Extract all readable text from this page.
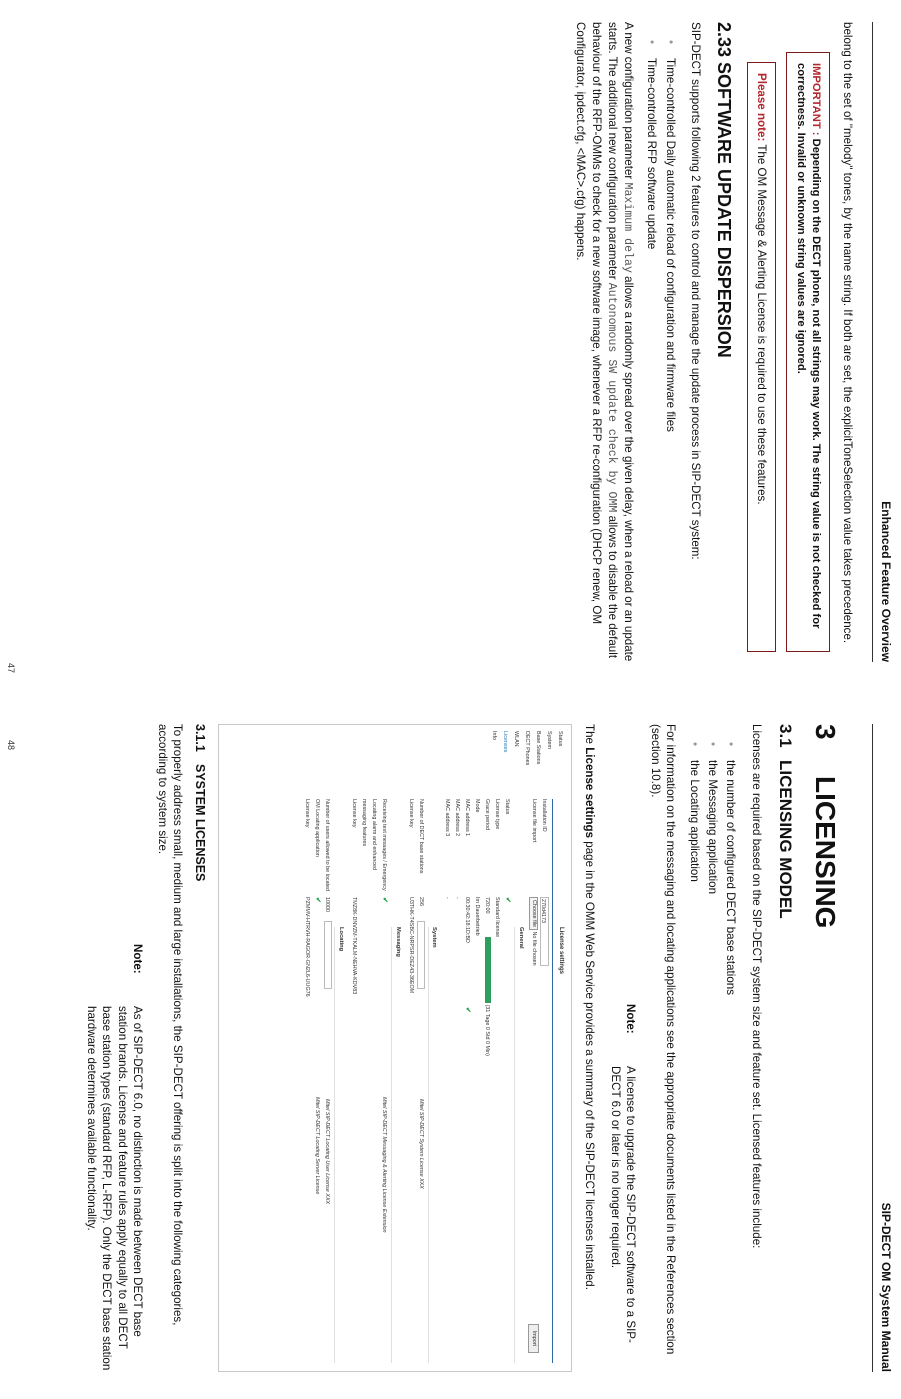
Enhanced Feature Overview

belong to the set of "melody" tones, by the name string. If both are set, the explicitToneSelection value takes precedence.

IMPORTANT : Depending on the DECT phone, not all strings may work. The string value is not checked for correctness. Invalid or unknown string values are ignored.
Please note: The OM Message & Alerting License is required to use these features.
2.33 SOFTWARE UPDATE DISPERSION

SIP-DECT supports following 2 features to control and manage the update process in SIP-DECT system:

• Time-controlled Daily automatic reload of configuration and firmware files
• Time-controlled RFP software update

A new configuration parameter Maximum delay allows a randomly spread over the given delay, when a reload or an update starts. The additional new configuration parameter Autonomous SW update check by OMM allows to disable the default behaviour of the RFP-OMMs to check for a new software image, whenever a RFP re-configuration (DHCP renew, OM Configurator, ipdect.cfg, <MAC>.cfg) happens.

47
SIP-DECT OM System Manual
3LICENSING
3.1LICENSING MODEL

Licenses are required based on the SIP-DECT system size and feature set. Licensed features include:

• the number of configured DECT base stations
• the Messaging application
• the Locating application

For information on the messaging and locating applications see the appropriate documents listed in the References section (section 10.8).

Note:
A license to upgrade the SIP-DECT software to a SIP-DECT 6.0 or later is no longer required.

The License settings page in the OMM Web Service provides a summary of the SIP-DECT licenses installed.

Status
System
Base Stations
DECT Phones
WLAN
Licenses
Info
License settings
Installation ID
270d4173
License file import
Choose file No file chosen
Import
General
Status
✔
License type
Standard license
Grace period
720:00 (31 Tage 0 Std 0 Min)
Mode
Im Dauerbetrieb
MAC address 1
00:30:42:18:1D:BD✔
MAC address 2
-
MAC address 3
-
System
Number of DECT base stations
256Mitel SIP-DECT System License XXX
License key
U3THK-T4SBC-NRPSR-DEZ43-36EOM
Messaging
Receiving text messages / Emergency
✔Mitel SIP-DECT Messaging & Alerting License Extension
Locating alarm and enhanced
messaging features
License key
TMZ8K-DNVZM-TKALM-NEHVA-KDV83
Locating
Number of users allowed to be located
10000Mitel SIP-DECT Locating User License XXX
OM Locating application
✔Mitel SIP-DECT Locating Server License
License key
PZMMV-HTRVH-RAGOR-GN2L6-UUG76
3.1.1SYSTEM LICENSES

To properly address small, medium and large installations, the SIP-DECT offering is split into the following categories, according to system size.

Note:
As of SIP-DECT 6.0, no distinction is made between DECT base station brands. License and feature rules apply equally to all DECT base station types (standard RFP, L-RFP). Only the DECT base station hardware determines available functionality.
48
